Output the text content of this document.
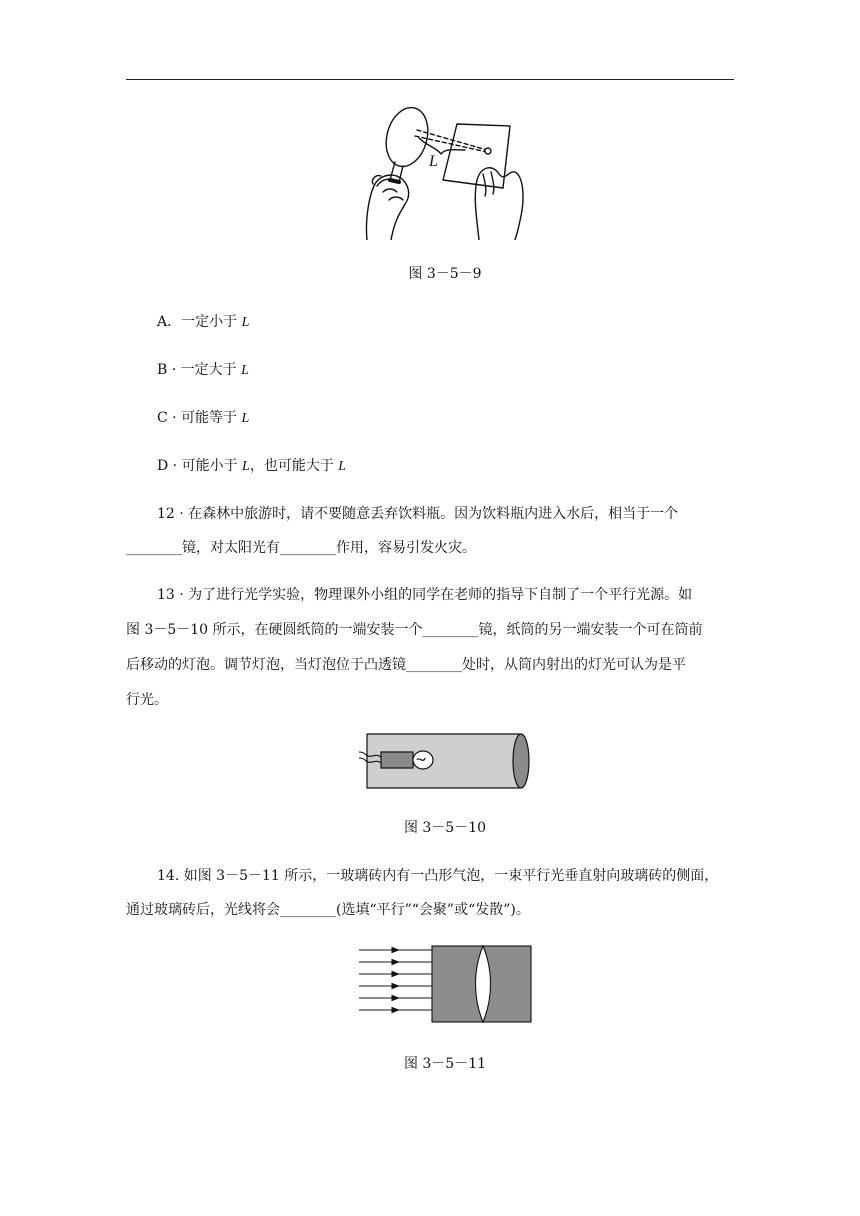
L
图 3－5－9
A．一定小于 L
B · 一定大于 L
C · 可能等于 L
D · 可能小于 L，也可能大于 L
12 · 在森林中旅游时，请不要随意丢弃饮料瓶。因为饮料瓶内进入水后，相当于一个
________镜，对太阳光有________作用，容易引发火灾。
13 · 为了进行光学实验，物理课外小组的同学在老师的指导下自制了一个平行光源。如
图 3－5－10 所示，在硬圆纸筒的一端安装一个________镜，纸筒的另一端安装一个可在筒前
后移动的灯泡。调节灯泡，当灯泡位于凸透镜________处时，从筒内射出的灯光可认为是平
行光。
图 3－5－10
14. 如图 3－5－11 所示，一玻璃砖内有一凸形气泡，一束平行光垂直射向玻璃砖的侧面，
通过玻璃砖后，光线将会________(选填“平行”“会聚”或“发散”)。
图 3－5－11
